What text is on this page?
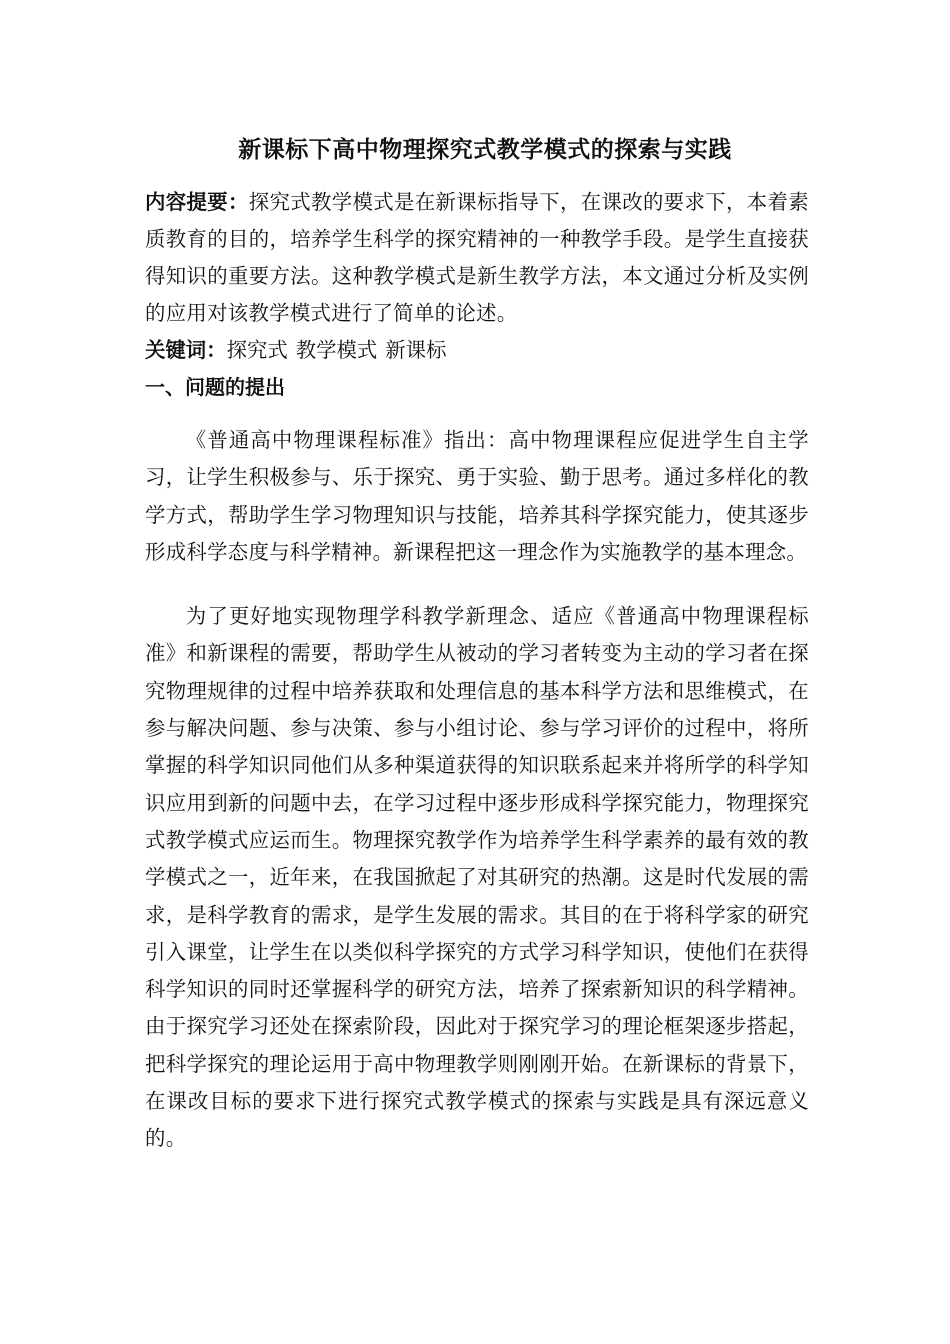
新课标下高中物理探究式教学模式的探索与实践

内容提要：探究式教学模式是在新课标指导下，在课改的要求下，本着素质教育的目的，培养学生科学的探究精神的一种教学手段。是学生直接获得知识的重要方法。这种教学模式是新生教学方法，本文通过分析及实例的应用对该教学模式进行了简单的论述。

关键词：探究式 教学模式 新课标

一、问题的提出

《普通高中物理课程标准》指出：高中物理课程应促进学生自主学习，让学生积极参与、乐于探究、勇于实验、勤于思考。通过多样化的教学方式，帮助学生学习物理知识与技能，培养其科学探究能力，使其逐步形成科学态度与科学精神。新课程把这一理念作为实施教学的基本理念。

为了更好地实现物理学科教学新理念、适应《普通高中物理课程标准》和新课程的需要，帮助学生从被动的学习者转变为主动的学习者在探究物理规律的过程中培养获取和处理信息的基本科学方法和思维模式，在参与解决问题、参与决策、参与小组讨论、参与学习评价的过程中，将所掌握的科学知识同他们从多种渠道获得的知识联系起来并将所学的科学知识应用到新的问题中去，在学习过程中逐步形成科学探究能力，物理探究式教学模式应运而生。物理探究教学作为培养学生科学素养的最有效的教学模式之一，近年来，在我国掀起了对其研究的热潮。这是时代发展的需求，是科学教育的需求，是学生发展的需求。其目的在于将科学家的研究引入课堂，让学生在以类似科学探究的方式学习科学知识，使他们在获得科学知识的同时还掌握科学的研究方法，培养了探索新知识的科学精神。由于探究学习还处在探索阶段，因此对于探究学习的理论框架逐步搭起，把科学探究的理论运用于高中物理教学则刚刚开始。在新课标的背景下，在课改目标的要求下进行探究式教学模式的探索与实践是具有深远意义的。
